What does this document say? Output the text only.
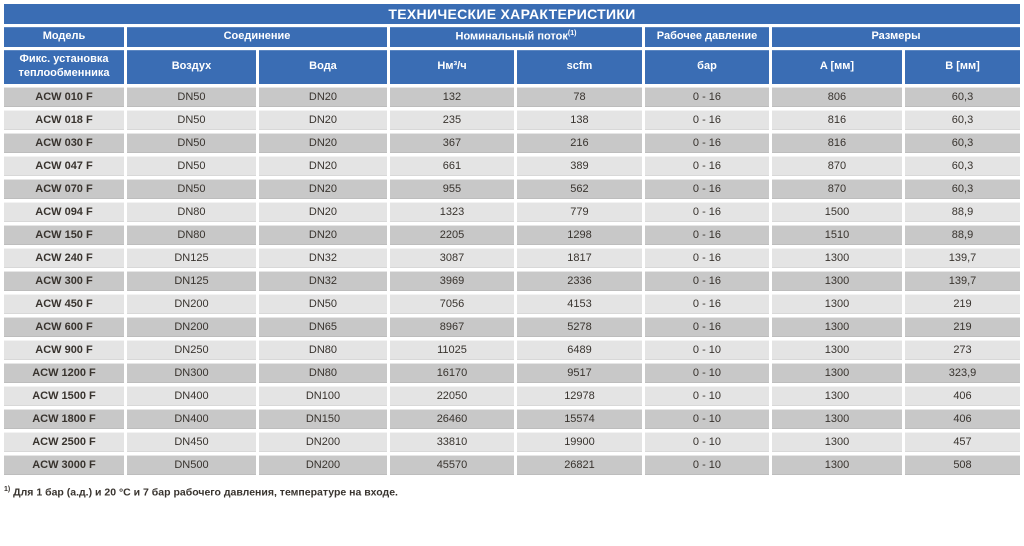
ТЕХНИЧЕСКИЕ ХАРАКТЕРИСТИКИ							
Модель	Соединение		Номинальный поток$^{(1)}$		Рабочее давление	Размеры	
Фикс. установка теплообменника	Воздух	Вода	Нм³/ч	scfm	бар	A [мм]	B [мм]
ACW 010 F	DN50	DN20	132	78	0 - 16	806	60,3
ACW 018 F	DN50	DN20	235	138	0 - 16	816	60,3
ACW 030 F	DN50	DN20	367	216	0 - 16	816	60,3
ACW 047 F	DN50	DN20	661	389	0 - 16	870	60,3
ACW 070 F	DN50	DN20	955	562	0 - 16	870	60,3
ACW 094 F	DN80	DN20	1323	779	0 - 16	1500	88,9
ACW 150 F	DN80	DN20	2205	1298	0 - 16	1510	88,9
ACW 240 F	DN125	DN32	3087	1817	0 - 16	1300	139,7
ACW 300 F	DN125	DN32	3969	2336	0 - 16	1300	139,7
ACW 450 F	DN200	DN50	7056	4153	0 - 16	1300	219
ACW 600 F	DN200	DN65	8967	5278	0 - 16	1300	219
ACW 900 F	DN250	DN80	11025	6489	0 - 10	1300	273
ACW 1200 F	DN300	DN80	16170	9517	0 - 10	1300	323,9
ACW 1500 F	DN400	DN100	22050	12978	0 - 10	1300	406
ACW 1800 F	DN400	DN150	26460	15574	0 - 10	1300	406
ACW 2500 F	DN450	DN200	33810	19900	0 - 10	1300	457
ACW 3000 F	DN500	DN200	45570	26821	0 - 10	1300	508
$^{1)}$ Для 1 бар (а.д.) и 20 °C и 7 бар рабочего давления, температуре на входе.
